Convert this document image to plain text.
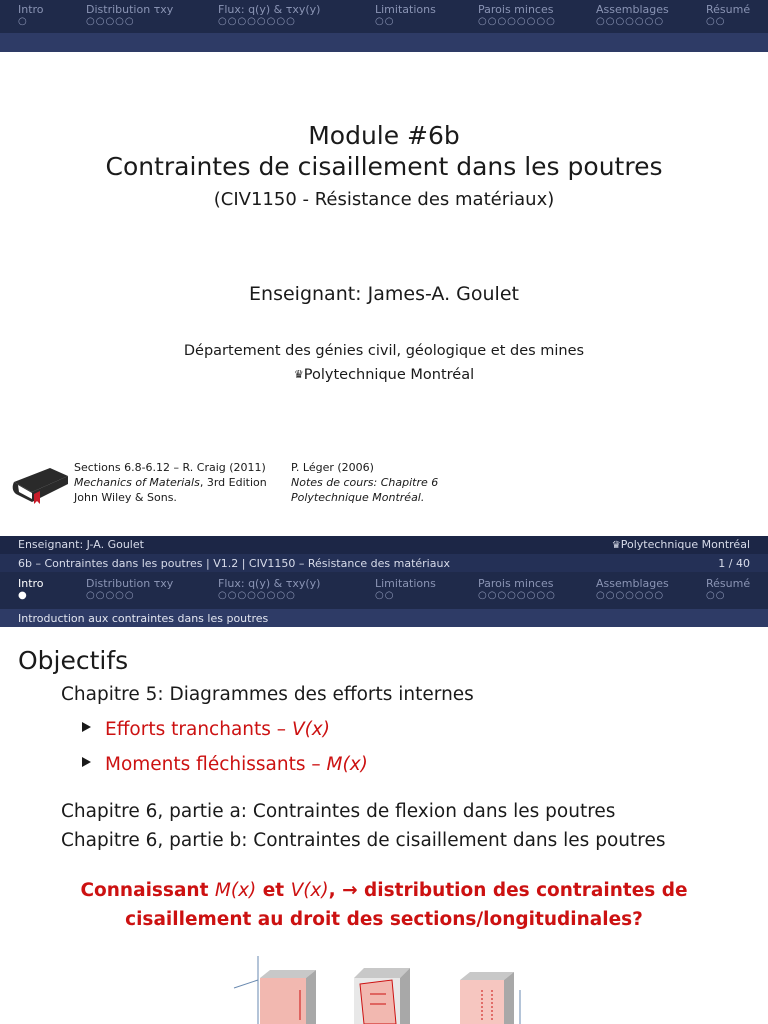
Intro
○
Distribution τxy
○○○○○
Flux: q(y) & τxy(y)
○○○○○○○○
Limitations
○○
Parois minces
○○○○○○○○
Assemblages
○○○○○○○
Résumé
○○
Module #6b
Contraintes de cisaillement dans les poutres
(CIV1150 - Résistance des matériaux)
Enseignant: James-A. Goulet
Département des génies civil, géologique et des mines
♛Polytechnique Montréal
Sections 6.8-6.12 – R. Craig (2011)
Mechanics of Materials, 3rd Edition
John Wiley & Sons.
P. Léger (2006)
Notes de cours: Chapitre 6
Polytechnique Montréal.
Enseignant: J-A. Goulet	♛Polytechnique Montréal
6b – Contraintes dans les poutres | V1.2 | CIV1150 – Résistance des matériaux	1 / 40
Intro
●
Distribution τxy
○○○○○
Flux: q(y) & τxy(y)
○○○○○○○○
Limitations
○○
Parois minces
○○○○○○○○
Assemblages
○○○○○○○
Résumé
○○
Introduction aux contraintes dans les poutres
Objectifs
Chapitre 5: Diagrammes des efforts internes
Efforts tranchants – V(x)
Moments fléchissants – M(x)
Chapitre 6, partie a: Contraintes de flexion dans les poutres
Chapitre 6, partie b: Contraintes de cisaillement dans les poutres
Connaissant M(x) et V(x), → distribution des contraintes de
cisaillement au droit des sections/longitudinales?
